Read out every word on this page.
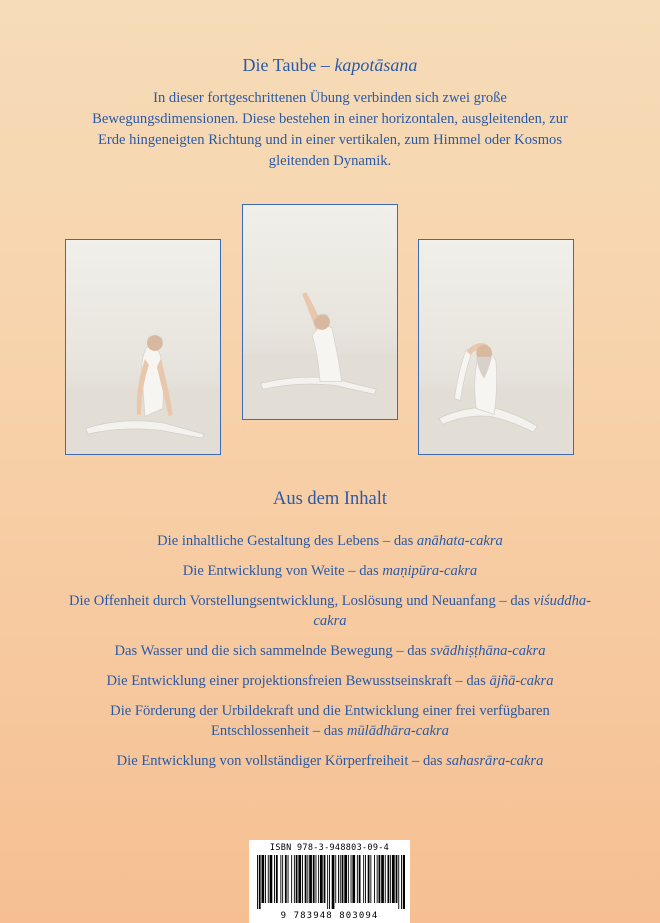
Die Taube – kapotāsana
In dieser fortgeschrittenen Übung verbinden sich zwei große Bewegungsdimensionen. Diese bestehen in einer horizontalen, ausgleitenden, zur Erde hingeneigten Richtung und in einer vertikalen, zum Himmel oder Kosmos gleitenden Dynamik.
Aus dem Inhalt
Die inhaltliche Gestaltung des Lebens – das anāhata-cakra
Die Entwicklung von Weite – das maṇipūra-cakra
Die Offenheit durch Vorstellungsentwicklung, Loslösung und Neuanfang – das viśuddha-cakra
Das Wasser und die sich sammelnde Bewegung – das svādhiṣṭhāna-cakra
Die Entwicklung einer projektionsfreien Bewusstseinskraft – das ājñā-cakra
Die Förderung der Urbildekraft und die Entwicklung einer frei verfügbaren Entschlossenheit – das mūlādhāra-cakra
Die Entwicklung von vollständiger Körperfreiheit – das sahasrāra-cakra
ISBN 978-3-948803-09-4
9 783948 803094
